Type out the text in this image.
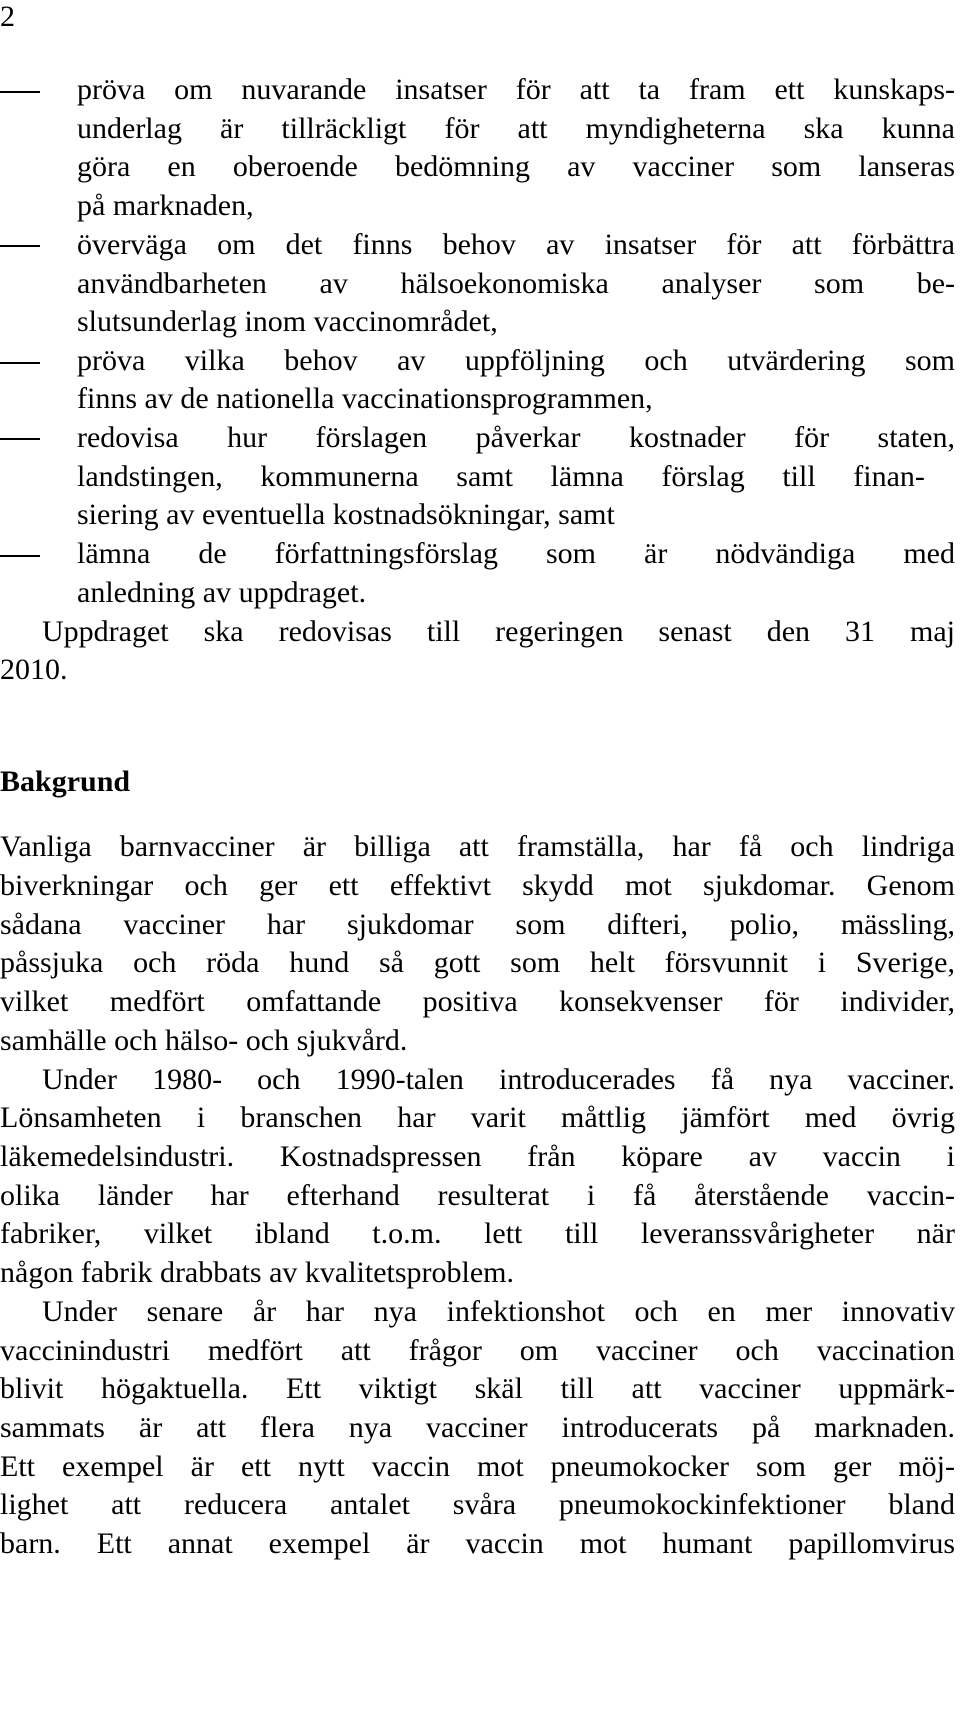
2
pröva om nuvarande insatser för att ta fram ett kunskaps-
underlag är tillräckligt för att myndigheterna ska kunna
göra en oberoende bedömning av vacciner som lanseras
på marknaden,
överväga om det finns behov av insatser för att förbättra
användbarheten av hälsoekonomiska analyser som be-
slutsunderlag inom vaccinområdet,
pröva vilka behov av uppföljning och utvärdering som
finns av de nationella vaccinationsprogrammen,
redovisa hur förslagen påverkar kostnader för staten,
landstingen, kommunerna samt lämna förslag till finan-
siering av eventuella kostnadsökningar, samt
lämna de författningsförslag som är nödvändiga med
anledning av uppdraget.
Uppdraget ska redovisas till regeringen senast den 31 maj
2010.
Bakgrund
Vanliga barnvacciner är billiga att framställa, har få och lindriga
biverkningar och ger ett effektivt skydd mot sjukdomar. Genom
sådana vacciner har sjukdomar som difteri, polio, mässling,
påssjuka och röda hund så gott som helt försvunnit i Sverige,
vilket medfört omfattande positiva konsekvenser för individer,
samhälle och hälso- och sjukvård.
Under 1980- och 1990-talen introducerades få nya vacciner.
Lönsamheten i branschen har varit måttlig jämfört med övrig
läkemedelsindustri. Kostnadspressen från köpare av vaccin i
olika länder har efterhand resulterat i få återstående vaccin-
fabriker, vilket ibland t.o.m. lett till leveranssvårigheter när
någon fabrik drabbats av kvalitetsproblem.
Under senare år har nya infektionshot och en mer innovativ
vaccinindustri medfört att frågor om vacciner och vaccination
blivit högaktuella. Ett viktigt skäl till att vacciner uppmärk-
sammats är att flera nya vacciner introducerats på marknaden.
Ett exempel är ett nytt vaccin mot pneumokocker som ger möj-
lighet att reducera antalet svåra pneumokockinfektioner bland
barn. Ett annat exempel är vaccin mot humant papillomvirus
